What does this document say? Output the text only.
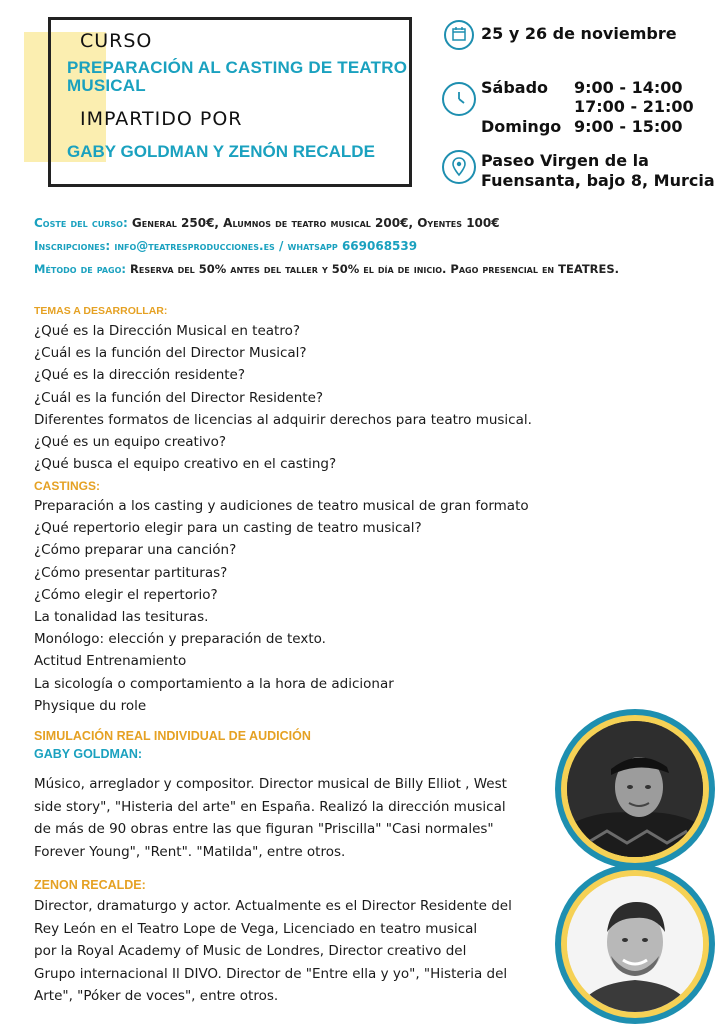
CURSO
PREPARACIÓN AL CASTING DE TEATRO MUSICAL
IMPARTIDO POR
GABY GOLDMAN Y ZENÓN RECALDE
25 y 26 de noviembre
Sábado 9:00 - 14:00
17:00 - 21:00
Domingo 9:00 - 15:00
Paseo Virgen de la
Fuensanta, bajo 8, Murcia
Coste del curso: General 250€, Alumnos de teatro musical 200€, Oyentes 100€
Inscripciones: info@teatresproducciones.es / whatsapp 669068539
Método de pago: Reserva del 50% antes del taller y 50% el día de inicio. Pago presencial en TEATRES.
TEMAS A DESARROLLAR:
¿Qué es la Dirección Musical en teatro?
¿Cuál es la función del Director Musical?
¿Qué es la dirección residente?
¿Cuál es la función del Director Residente?
Diferentes formatos de licencias al adquirir derechos para teatro musical.
¿Qué es un equipo creativo?
¿Qué busca el equipo creativo en el casting?
CASTINGS:
Preparación a los casting y audiciones de teatro musical de gran formato
¿Qué repertorio elegir para un casting de teatro musical?
¿Cómo preparar una canción?
¿Cómo presentar partituras?
¿Cómo elegir el repertorio?
La tonalidad las tesituras.
Monólogo: elección y preparación de texto.
Actitud Entrenamiento
La sicología o comportamiento a la hora de adicionar
Physique du role
SIMULACIÓN REAL INDIVIDUAL DE AUDICIÓN
GABY GOLDMAN:
Músico, arreglador y compositor. Director musical de Billy Elliot , West
side story", "Histeria del arte" en España. Realizó la dirección musical
de más de 90 obras entre las que figuran "Priscilla" "Casi normales"
Forever Young", "Rent". "Matilda", entre otros.
ZENON RECALDE:
Director, dramaturgo y actor. Actualmente es el Director Residente del
Rey León en el Teatro Lope de Vega, Licenciado en teatro musical
por la Royal Academy of Music de Londres, Director creativo del
Grupo internacional Il DIVO. Director de "Entre ella y yo", "Histeria del
Arte", "Póker de voces", entre otros.
